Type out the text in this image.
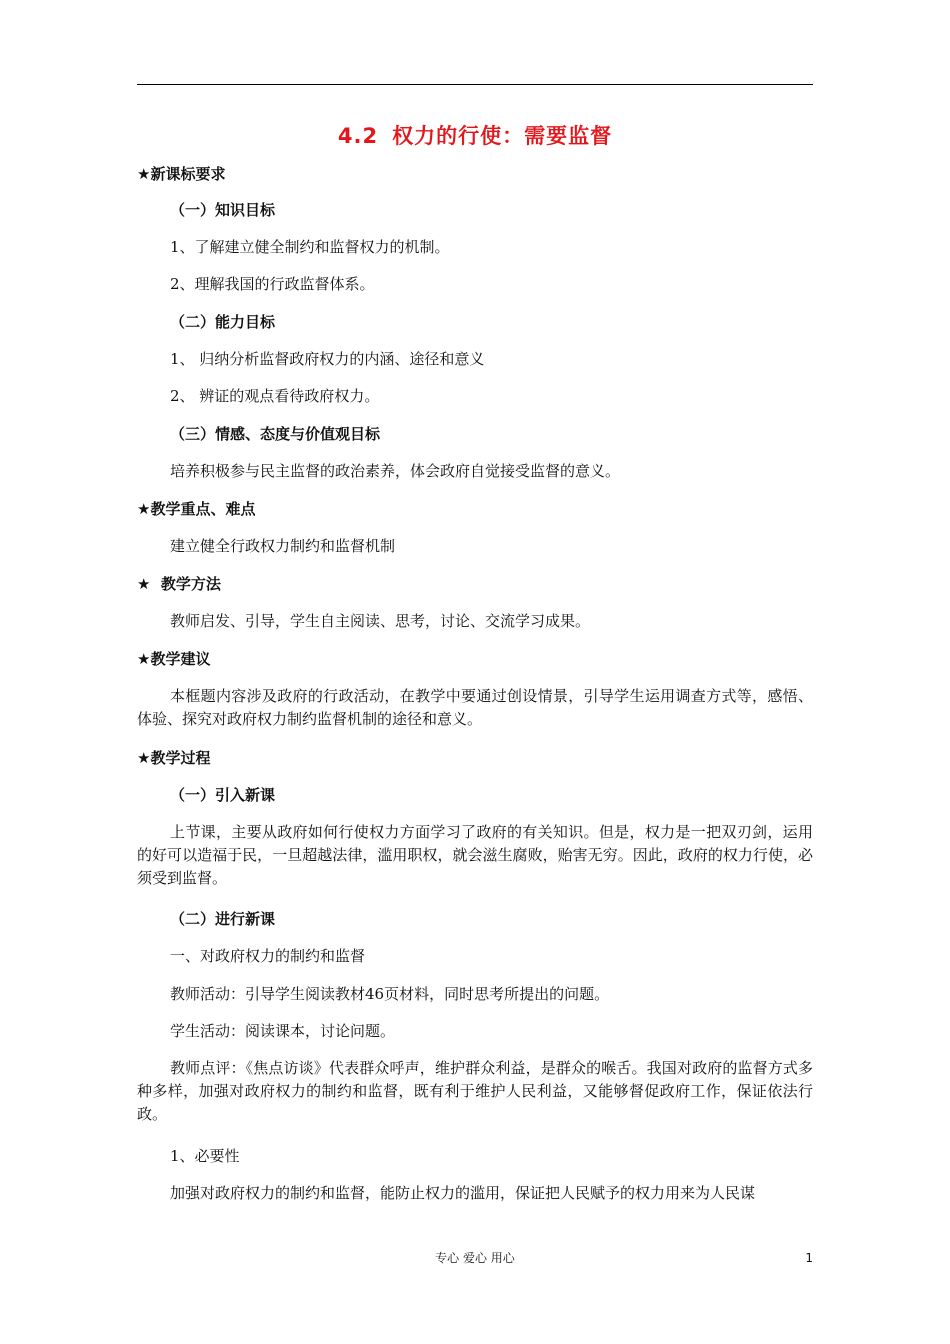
4.2 权力的行使：需要监督
★新课标要求
（一）知识目标
1、了解建立健全制约和监督权力的机制。
2、理解我国的行政监督体系。
（二）能力目标
1、 归纳分析监督政府权力的内涵、途径和意义
2、 辨证的观点看待政府权力。
（三）情感、态度与价值观目标
培养积极参与民主监督的政治素养，体会政府自觉接受监督的意义。
★教学重点、难点
建立健全行政权力制约和监督机制
★  教学方法
教师启发、引导，学生自主阅读、思考，讨论、交流学习成果。
★教学建议
本框题内容涉及政府的行政活动，在教学中要通过创设情景，引导学生运用调查方式等，感悟、体验、探究对政府权力制约监督机制的途径和意义。
★教学过程
（一）引入新课
上节课，主要从政府如何行使权力方面学习了政府的有关知识。但是，权力是一把双刃剑，运用的好可以造福于民，一旦超越法律，滥用职权，就会滋生腐败，贻害无穷。因此，政府的权力行使，必须受到监督。
（二）进行新课
一、对政府权力的制约和监督
教师活动：引导学生阅读教材46页材料，同时思考所提出的问题。
学生活动：阅读课本，讨论问题。
教师点评：《焦点访谈》代表群众呼声，维护群众利益，是群众的喉舌。我国对政府的监督方式多种多样，加强对政府权力的制约和监督，既有利于维护人民利益，又能够督促政府工作，保证依法行政。
1、必要性
加强对政府权力的制约和监督，能防止权力的滥用，保证把人民赋予的权力用来为人民谋
专心 爱心 用心	1
